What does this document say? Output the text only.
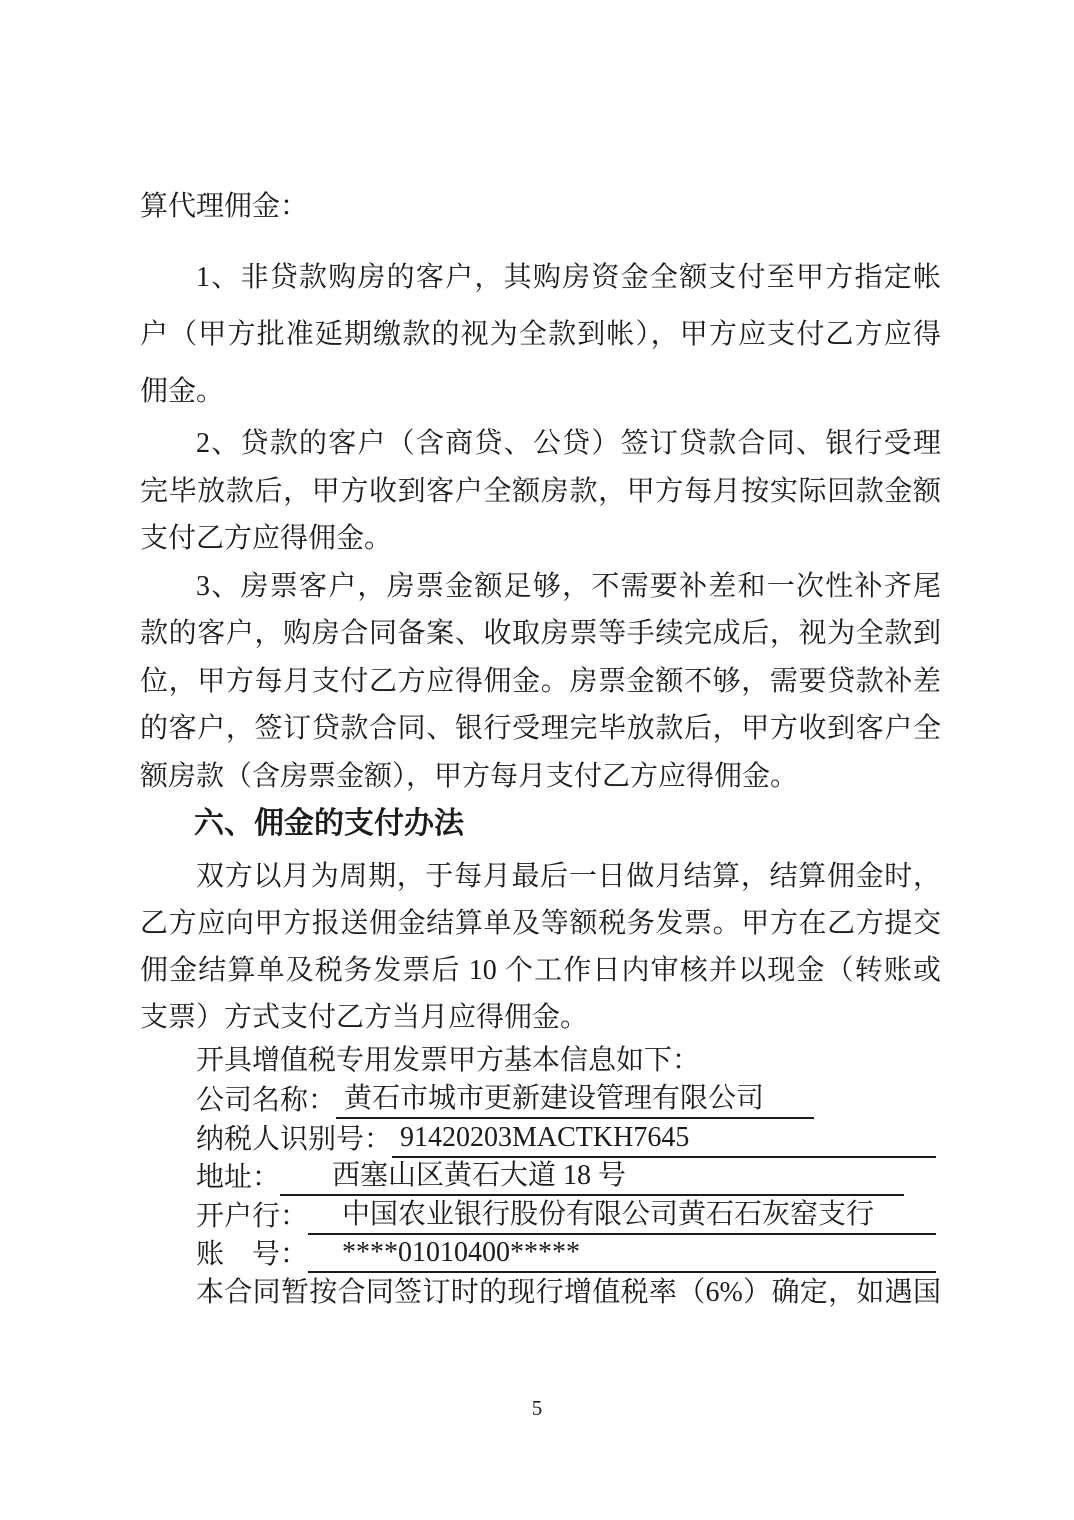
算代理佣金：
1、非贷款购房的客户，其购房资金全额支付至甲方指定帐
户（甲方批准延期缴款的视为全款到帐），甲方应支付乙方应得
佣金。
2、贷款的客户（含商贷、公贷）签订贷款合同、银行受理
完毕放款后，甲方收到客户全额房款，甲方每月按实际回款金额
支付乙方应得佣金。
3、房票客户，房票金额足够，不需要补差和一次性补齐尾
款的客户，购房合同备案、收取房票等手续完成后，视为全款到
位，甲方每月支付乙方应得佣金。房票金额不够，需要贷款补差
的客户，签订贷款合同、银行受理完毕放款后，甲方收到客户全
额房款（含房票金额），甲方每月支付乙方应得佣金。
六、佣金的支付办法
双方以月为周期，于每月最后一日做月结算，结算佣金时，
乙方应向甲方报送佣金结算单及等额税务发票。甲方在乙方提交
佣金结算单及税务发票后 10 个工作日内审核并以现金（转账或
支票）方式支付乙方当月应得佣金。
开具增值税专用发票甲方基本信息如下：
公司名称： 黄石市城市更新建设管理有限公司
纳税人识别号： 91420203MACTKH7645
地址：	西塞山区黄石大道 18 号
开户行：	中国农业银行股份有限公司黄石石灰窑支行
账　号：	****01010400*****
本合同暂按合同签订时的现行增值税率（6%）确定，如遇国
5
